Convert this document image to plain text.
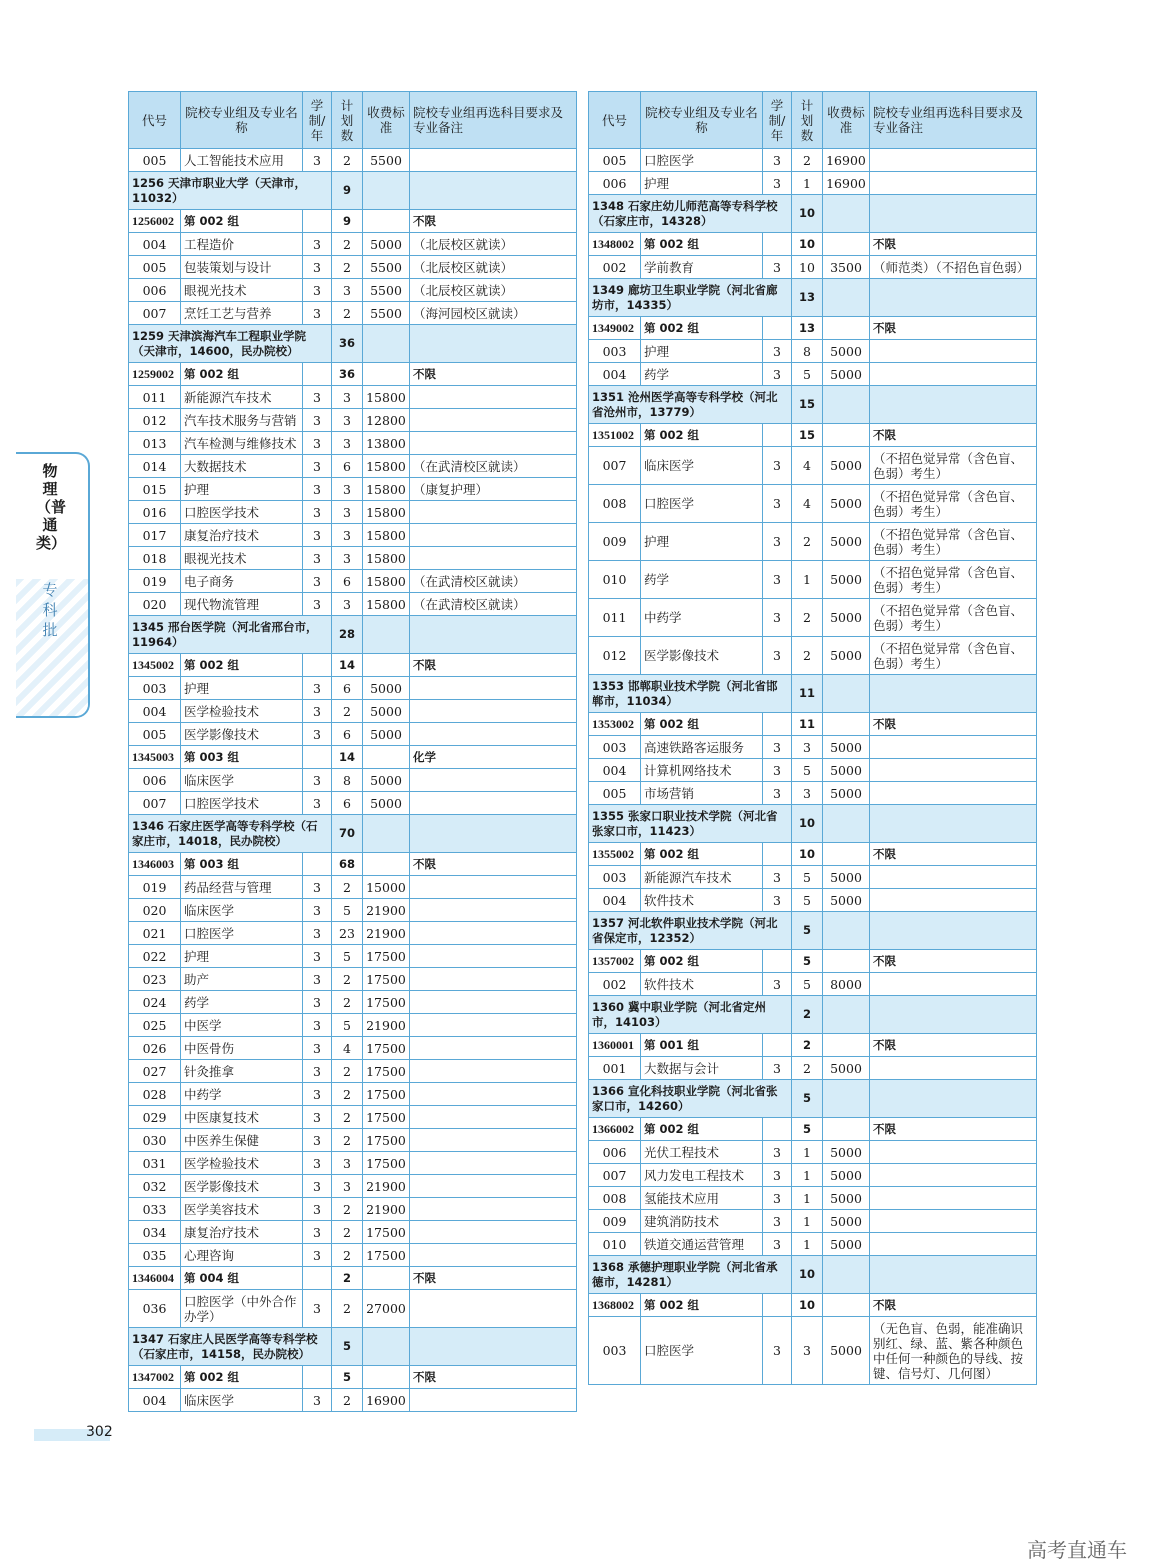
物理（普通类）
专科批
代号	院校专业组及专业名称	学制/年	计划数	收费标准	院校专业组再选科目要求及专业备注
005	人工智能技术应用	3	2	5500	
1256 天津市职业大学（天津市，11032）			9		
1256002	第 002 组		9		不限
004	工程造价	3	2	5000	（北辰校区就读）
005	包装策划与设计	3	2	5500	（北辰校区就读）
006	眼视光技术	3	3	5500	（北辰校区就读）
007	烹饪工艺与营养	3	2	5500	（海河园校区就读）
1259 天津滨海汽车工程职业学院（天津市，14600，民办院校）			36		
1259002	第 002 组		36		不限
011	新能源汽车技术	3	3	15800	
012	汽车技术服务与营销	3	3	12800	
013	汽车检测与维修技术	3	3	13800	
014	大数据技术	3	6	15800	（在武清校区就读）
015	护理	3	3	15800	（康复护理）
016	口腔医学技术	3	3	15800	
017	康复治疗技术	3	3	15800	
018	眼视光技术	3	3	15800	
019	电子商务	3	6	15800	（在武清校区就读）
020	现代物流管理	3	3	15800	（在武清校区就读）
1345 邢台医学院（河北省邢台市，11964）			28		
1345002	第 002 组		14		不限
003	护理	3	6	5000	
004	医学检验技术	3	2	5000	
005	医学影像技术	3	6	5000	
1345003	第 003 组		14		化学
006	临床医学	3	8	5000	
007	口腔医学技术	3	6	5000	
1346 石家庄医学高等专科学校（石家庄市，14018，民办院校）			70		
1346003	第 003 组		68		不限
019	药品经营与管理	3	2	15000	
020	临床医学	3	5	21900	
021	口腔医学	3	23	21900	
022	护理	3	5	17500	
023	助产	3	2	17500	
024	药学	3	2	17500	
025	中医学	3	5	21900	
026	中医骨伤	3	4	17500	
027	针灸推拿	3	2	17500	
028	中药学	3	2	17500	
029	中医康复技术	3	2	17500	
030	中医养生保健	3	2	17500	
031	医学检验技术	3	3	17500	
032	医学影像技术	3	3	21900	
033	医学美容技术	3	2	21900	
034	康复治疗技术	3	2	17500	
035	心理咨询	3	2	17500	
1346004	第 004 组		2		不限
036	口腔医学（中外合作办学）	3	2	27000	
1347 石家庄人民医学高等专科学校（石家庄市，14158，民办院校）			5		
1347002	第 002 组		5		不限
004	临床医学	3	2	16900	
代号	院校专业组及专业名称	学制/年	计划数	收费标准	院校专业组再选科目要求及专业备注
005	口腔医学	3	2	16900	
006	护理	3	1	16900	
1348 石家庄幼儿师范高等专科学校（石家庄市，14328）			10		
1348002	第 002 组		10		不限
002	学前教育	3	10	3500	（师范类）（不招色盲色弱）
1349 廊坊卫生职业学院（河北省廊坊市，14335）			13		
1349002	第 002 组		13		不限
003	护理	3	8	5000	
004	药学	3	5	5000	
1351 沧州医学高等专科学校（河北省沧州市，13779）			15		
1351002	第 002 组		15		不限
007	临床医学	3	4	5000	（不招色觉异常（含色盲、色弱）考生）
008	口腔医学	3	4	5000	（不招色觉异常（含色盲、色弱）考生）
009	护理	3	2	5000	（不招色觉异常（含色盲、色弱）考生）
010	药学	3	1	5000	（不招色觉异常（含色盲、色弱）考生）
011	中药学	3	2	5000	（不招色觉异常（含色盲、色弱）考生）
012	医学影像技术	3	2	5000	（不招色觉异常（含色盲、色弱）考生）
1353 邯郸职业技术学院（河北省邯郸市，11034）			11		
1353002	第 002 组		11		不限
003	高速铁路客运服务	3	3	5000	
004	计算机网络技术	3	5	5000	
005	市场营销	3	3	5000	
1355 张家口职业技术学院（河北省张家口市，11423）			10		
1355002	第 002 组		10		不限
003	新能源汽车技术	3	5	5000	
004	软件技术	3	5	5000	
1357 河北软件职业技术学院（河北省保定市，12352）			5		
1357002	第 002 组		5		不限
002	软件技术	3	5	8000	
1360 冀中职业学院（河北省定州市，14103）			2		
1360001	第 001 组		2		不限
001	大数据与会计	3	2	5000	
1366 宣化科技职业学院（河北省张家口市，14260）			5		
1366002	第 002 组		5		不限
006	光伏工程技术	3	1	5000	
007	风力发电工程技术	3	1	5000	
008	氢能技术应用	3	1	5000	
009	建筑消防技术	3	1	5000	
010	铁道交通运营管理	3	1	5000	
1368 承德护理职业学院（河北省承德市，14281）			10		
1368002	第 002 组		10		不限
003	口腔医学	3	3	5000	（无色盲、色弱，能准确识别红、绿、蓝、紫各种颜色中任何一种颜色的导线、按键、信号灯、几何图）
302
高考直通车
